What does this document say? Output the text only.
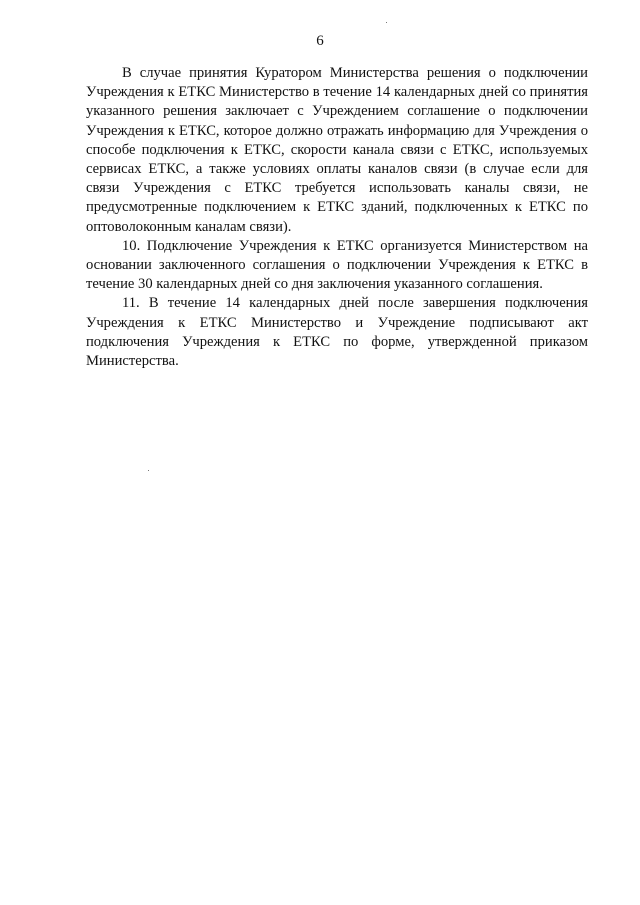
6

В случае принятия Куратором Министерства решения о подключении Учреждения к ЕТКС Министерство в течение 14 календарных дней со принятия указанного решения заключает с Учреждением соглашение о подключении Учреждения к ЕТКС, которое должно отражать информацию для Учреждения о способе подключения к ЕТКС, скорости канала связи с ЕТКС, используемых сервисах ЕТКС, а также условиях оплаты каналов связи (в случае если для связи Учреждения с ЕТКС требуется использовать каналы связи, не предусмотренные подключением к ЕТКС зданий, подключенных к ЕТКС по оптоволоконным каналам связи).

10. Подключение Учреждения к ЕТКС организуется Министерством на основании заключенного соглашения о подключении Учреждения к ЕТКС в течение 30 календарных дней со дня заключения указанного соглашения.

11. В течение 14 календарных дней после завершения подключения Учреждения к ЕТКС Министерство и Учреждение подписывают акт подключения Учреждения к ЕТКС по форме, утвержденной приказом Министерства.
